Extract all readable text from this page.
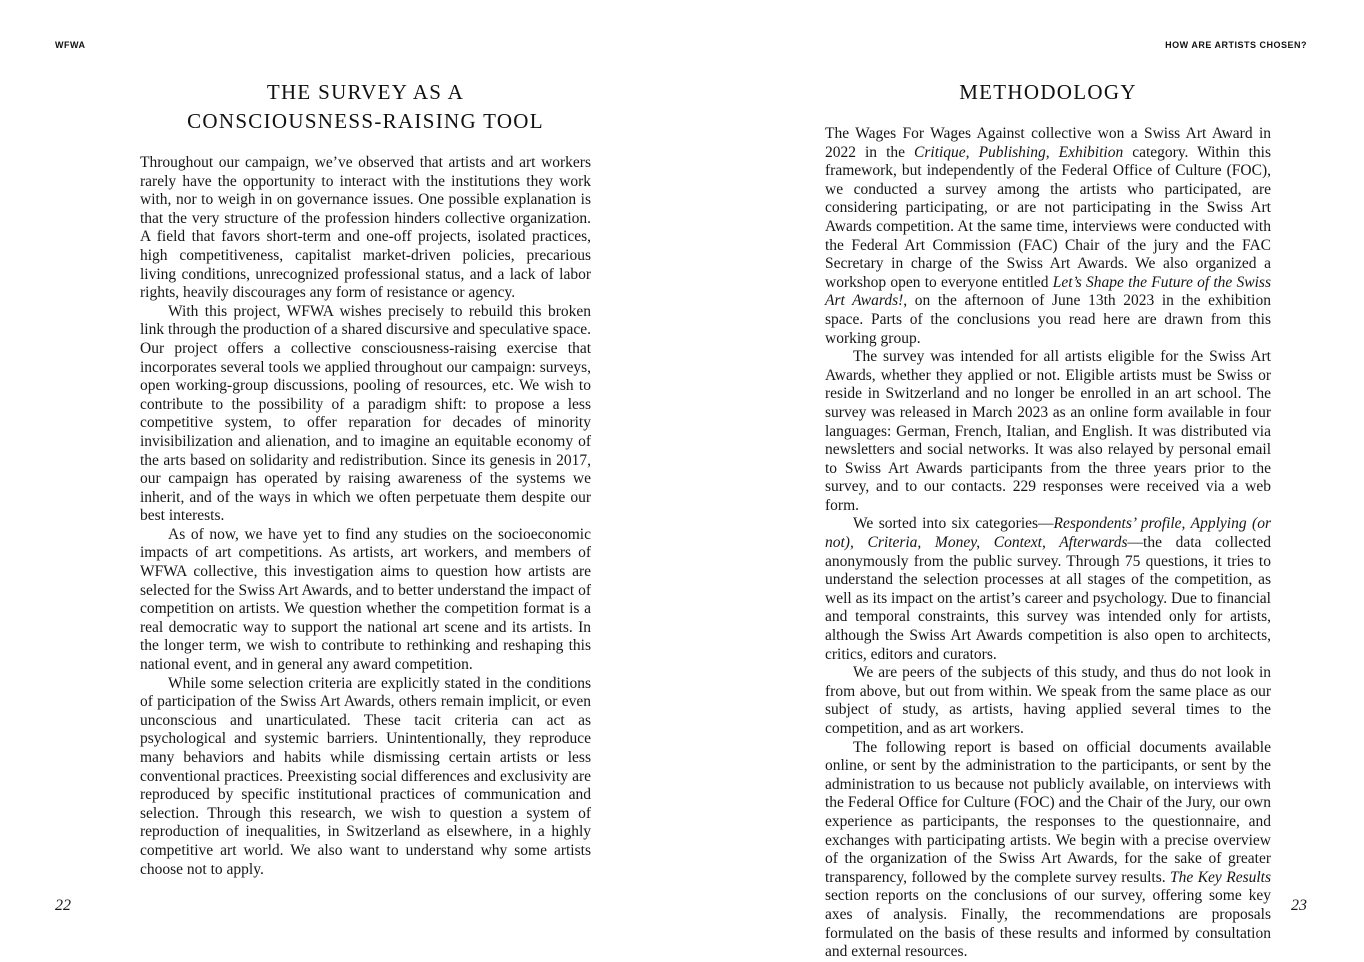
WFWA
THE SURVEY AS A
CONSCIOUSNESS-RAISING TOOL

Throughout our campaign, we’ve observed that artists and art workers rarely have the opportunity to interact with the institutions they work with, nor to weigh in on governance issues. One possible explanation is that the very structure of the profession hinders collective organization. A field that favors short-term and one-off projects, isolated practices, high competitiveness, capitalist market-driven policies, precarious living conditions, unrecognized professional status, and a lack of labor rights, heavily discourages any form of resistance or agency.

With this project, WFWA wishes precisely to rebuild this broken link through the production of a shared discursive and speculative space. Our project offers a collective consciousness-raising exercise that incorporates several tools we applied throughout our campaign: surveys, open working-group discussions, pooling of resources, etc. We wish to contribute to the possibility of a paradigm shift: to propose a less competitive system, to offer reparation for decades of minority invisibilization and alienation, and to imagine an equitable economy of the arts based on solidarity and redistribution. Since its genesis in 2017, our campaign has operated by raising awareness of the systems we inherit, and of the ways in which we often perpetuate them despite our best interests.

As of now, we have yet to find any studies on the socioeconomic impacts of art competitions. As artists, art workers, and members of WFWA collective, this investigation aims to question how artists are selected for the Swiss Art Awards, and to better understand the impact of competition on artists. We question whether the competition format is a real democratic way to support the national art scene and its artists. In the longer term, we wish to contribute to rethinking and reshaping this national event, and in general any award competition.

While some selection criteria are explicitly stated in the conditions of participation of the Swiss Art Awards, others remain implicit, or even unconscious and unarticulated. These tacit criteria can act as psychological and systemic barriers. Unintentionally, they reproduce many behaviors and habits while dismissing certain artists or less conventional practices. Preexisting social differences and exclusivity are reproduced by specific institutional practices of communication and selection. Through this research, we wish to question a system of reproduction of inequalities, in Switzerland as elsewhere, in a highly competitive art world. We also want to understand why some artists choose not to apply.

22
HOW ARE ARTISTS CHOSEN?
METHODOLOGY

The Wages For Wages Against collective won a Swiss Art Award in 2022 in the Critique, Publishing, Exhibition category. Within this framework, but independently of the Federal Office of Culture (FOC), we conducted a survey among the artists who participated, are considering participating, or are not participating in the Swiss Art Awards competition. At the same time, interviews were conducted with the Federal Art Commission (FAC) Chair of the jury and the FAC Secretary in charge of the Swiss Art Awards. We also organized a workshop open to everyone entitled Let’s Shape the Future of the Swiss Art Awards!, on the afternoon of June 13th 2023 in the exhibition space. Parts of the conclusions you read here are drawn from this working group.

The survey was intended for all artists eligible for the Swiss Art Awards, whether they applied or not. Eligible artists must be Swiss or reside in Switzerland and no longer be enrolled in an art school. The survey was released in March 2023 as an online form available in four languages: German, French, Italian, and English. It was distributed via newsletters and social networks. It was also relayed by personal email to Swiss Art Awards participants from the three years prior to the survey, and to our contacts. 229 responses were received via a web form.

We sorted into six categories—Respondents’ profile, Applying (or not), Criteria, Money, Context, Afterwards—the data collected anonymously from the public survey. Through 75 questions, it tries to understand the selection processes at all stages of the competition, as well as its impact on the artist’s career and psychology. Due to financial and temporal constraints, this survey was intended only for artists, although the Swiss Art Awards competition is also open to architects, critics, editors and curators.

We are peers of the subjects of this study, and thus do not look in from above, but out from within. We speak from the same place as our subject of study, as artists, having applied several times to the competition, and as art workers.

The following report is based on official documents available online, or sent by the administration to the participants, or sent by the administration to us because not publicly available, on interviews with the Federal Office for Culture (FOC) and the Chair of the Jury, our own experience as participants, the responses to the questionnaire, and exchanges with participating artists. We begin with a precise overview of the organization of the Swiss Art Awards, for the sake of greater transparency, followed by the complete survey results. The Key Results section reports on the conclusions of our survey, offering some key axes of analysis. Finally, the recommendations are proposals formulated on the basis of these results and informed by consultation and external resources.

23
